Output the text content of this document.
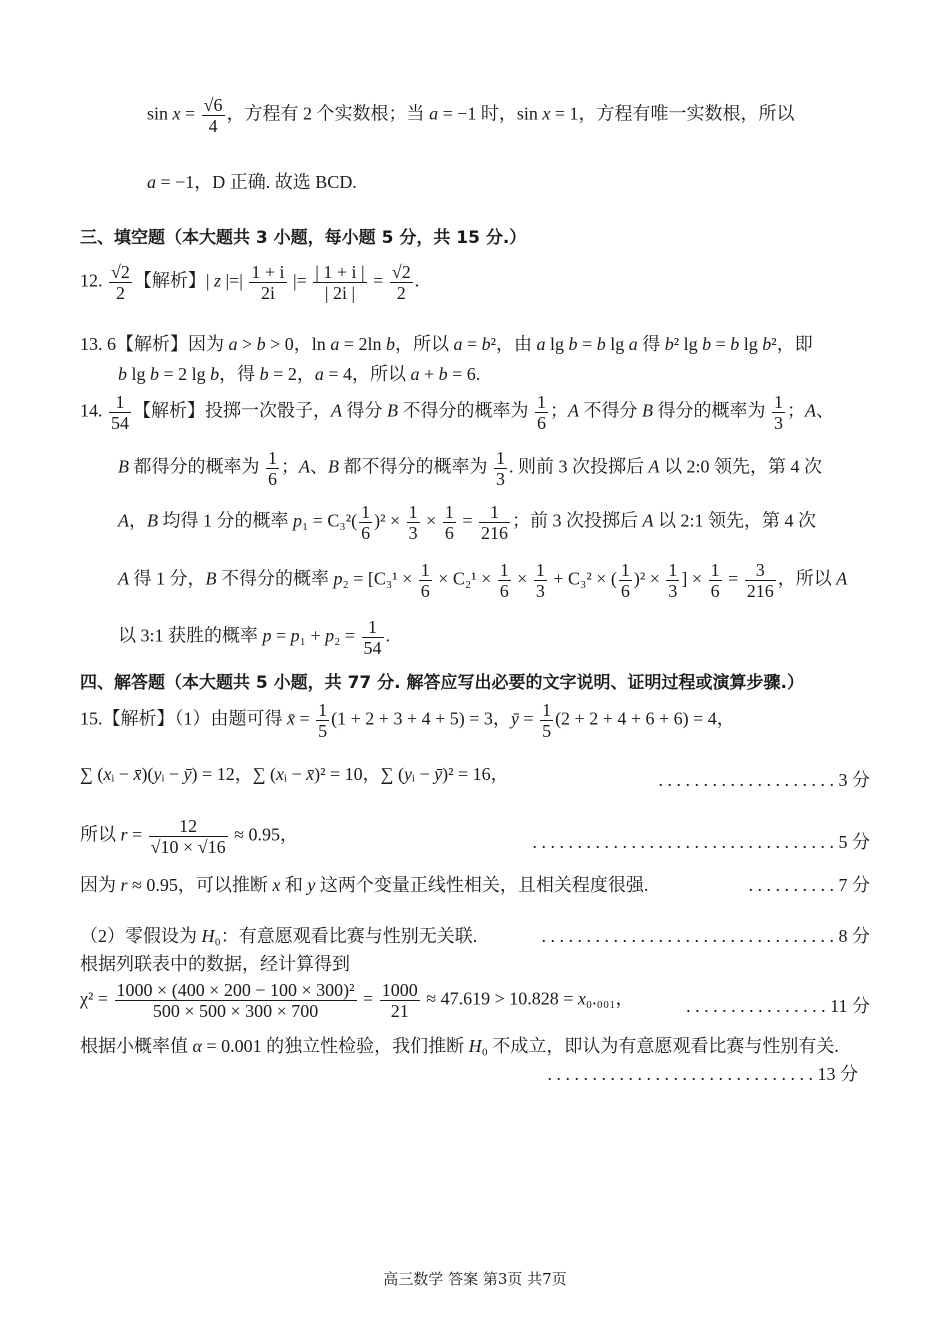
$\sin x = \frac{√6}{4}$ ，方程有 2 个实数根；当 a = −1 时，sin x = 1，方程有唯一实数根，所以
a = −1，D 正确. 故选 BCD.
三、填空题（本大题共 3 小题，每小题 5 分，共 15 分.）
12. $\frac{√2}{2}$ 【解析】| z |=| $\frac{1 + i}{2i}$ |= $\frac{| 1 + i |}{| 2i |} = \frac{√2}{2}$ .
13. 6【解析】因为 a > b > 0，ln a = 2ln b，所以 a = b²，由 a lg b = b lg a 得 b² lg b = b lg b²，即
b lg b = 2 lg b，得 b = 2，a = 4，所以 a + b = 6.
14. $\frac{1}{54}$ 【解析】投掷一次骰子，A 得分 B 不得分的概率为 $\frac{1}{6}$ ；A 不得分 B 得分的概率为 $\frac{1}{3}$ ；A、
B 都得分的概率为 $\frac{1}{6}$ ；A、B 都不得分的概率为 $\frac{1}{3}$ . 则前 3 次投掷后 A 以 2:0 领先，第 4 次
A，B 均得 1 分的概率 $p_1 = C_3^2( \frac{1}{6} )^2 \times \frac{1}{3} \times \frac{1}{6} = \frac{1}{216}$ ；前 3 次投掷后 A 以 2:1 领先，第 4 次
A 得 1 分，B 不得分的概率 $p_2 = [C_3^1 \times \frac{1}{6} \times C_2^1 \times \frac{1}{6} \times \frac{1}{3} + C_3^2$ × ( $\frac{1}{6} )^2 \times \frac{1}{3}$ ] × $\frac{1}{6} = \frac{3}{216}$ ，所以 A
以 3:1 获胜的概率 $p = p_1 + p_2 = \frac{1}{54}$ .
四、解答题（本大题共 5 小题，共 77 分. 解答应写出必要的文字说明、证明过程或演算步骤.）
15.【解析】（1）由题可得 x̄ = $\frac{1}{5} (1 + 2 + 3 + 4 + 5) = 3$，ȳ = $\frac{1}{5} (2 + 2 + 4 + 6 + 6) = 4$，
∑ (xᵢ − x̄)(yᵢ − ȳ) = 12，∑ (xᵢ − x̄)² = 10，∑ (yᵢ − ȳ)² = 16，	. . . . . . . . . . . . . . . . . . . . 3 分
所以 $r = \frac{12}{√10 \times √16} \approx 0.95$，	. . . . . . . . . . . . . . . . . . . . . . . . . . . . . . . . . . 5 分
因为 r ≈ 0.95，可以推断 x 和 y 这两个变量正线性相关，且相关程度很强.	. . . . . . . . . . 7 分
（2）零假设为 H₀：有意愿观看比赛与性别无关联.	. . . . . . . . . . . . . . . . . . . . . . . . . . . . . . . . . 8 分
根据列联表中的数据，经计算得到
$\chi^2 = \frac{\text{1000 × (400 × 200 − 100 × 300)²}}{500 \times 500 \times 300 \times 700} = \frac{1000}{21} \approx 47.619 > 10.828 = x_0._{001}$，	. . . . . . . . . . . . . . . . 11 分
根据小概率值 α = 0.001 的独立性检验，我们推断 H₀ 不成立，即认为有意愿观看比赛与性别有关.
. . . . . . . . . . . . . . . . . . . . . . . . . . . . . . 13 分
高三数学 答案 第3页 共7页
